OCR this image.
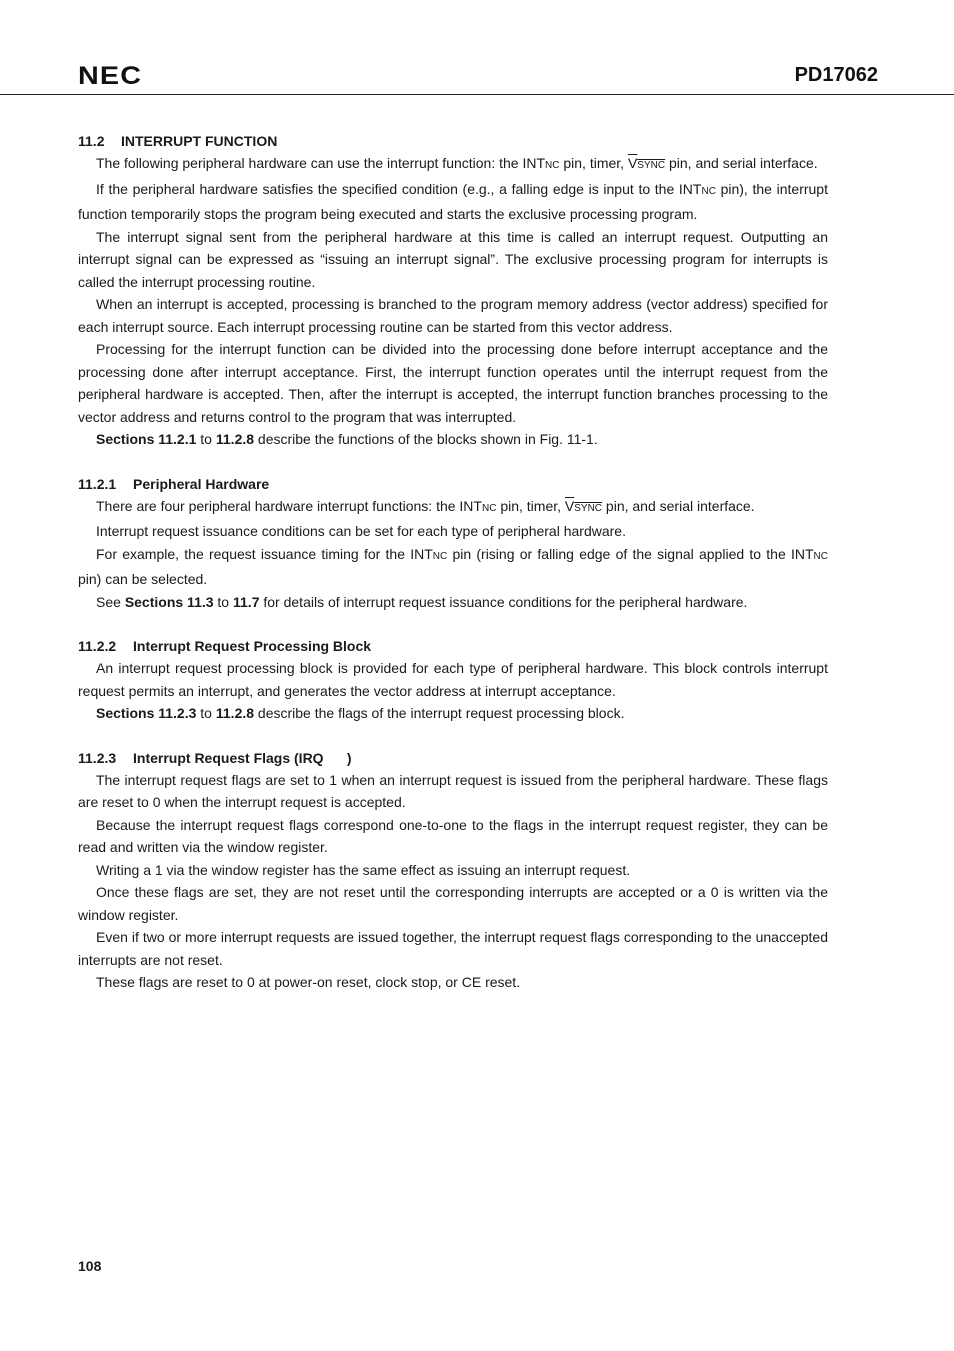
NEC	PD17062
11.2 INTERRUPT FUNCTION

The following peripheral hardware can use the interrupt function: the INTNC pin, timer, VSYNC pin, and serial interface.

If the peripheral hardware satisfies the specified condition (e.g., a falling edge is input to the INTNC pin), the interrupt function temporarily stops the program being executed and starts the exclusive processing program.

The interrupt signal sent from the peripheral hardware at this time is called an interrupt request. Outputting an interrupt signal can be expressed as “issuing an interrupt signal”. The exclusive processing program for interrupts is called the interrupt processing routine.

When an interrupt is accepted, processing is branched to the program memory address (vector address) specified for each interrupt source. Each interrupt processing routine can be started from this vector address.

Processing for the interrupt function can be divided into the processing done before interrupt acceptance and the processing done after interrupt acceptance. First, the interrupt function operates until the interrupt request from the peripheral hardware is accepted. Then, after the interrupt is accepted, the interrupt function branches processing to the vector address and returns control to the program that was interrupted.

Sections 11.2.1 to 11.2.8 describe the functions of the blocks shown in Fig. 11-1.

11.2.1 Peripheral Hardware

There are four peripheral hardware interrupt functions: the INTNC pin, timer, VSYNC pin, and serial interface.

Interrupt request issuance conditions can be set for each type of peripheral hardware.

For example, the request issuance timing for the INTNC pin (rising or falling edge of the signal applied to the INTNC pin) can be selected.

See Sections 11.3 to 11.7 for details of interrupt request issuance conditions for the peripheral hardware.

11.2.2 Interrupt Request Processing Block

An interrupt request processing block is provided for each type of peripheral hardware. This block controls interrupt request permits an interrupt, and generates the vector address at interrupt acceptance.

Sections 11.2.3 to 11.2.8 describe the flags of the interrupt request processing block.

11.2.3 Interrupt Request Flags (IRQ      )

The interrupt request flags are set to 1 when an interrupt request is issued from the peripheral hardware. These flags are reset to 0 when the interrupt request is accepted.

Because the interrupt request flags correspond one-to-one to the flags in the interrupt request register, they can be read and written via the window register.

Writing a 1 via the window register has the same effect as issuing an interrupt request.

Once these flags are set, they are not reset until the corresponding interrupts are accepted or a 0 is written via the window register.

Even if two or more interrupt requests are issued together, the interrupt request flags corresponding to the unaccepted interrupts are not reset.

These flags are reset to 0 at power-on reset, clock stop, or CE reset.

108
